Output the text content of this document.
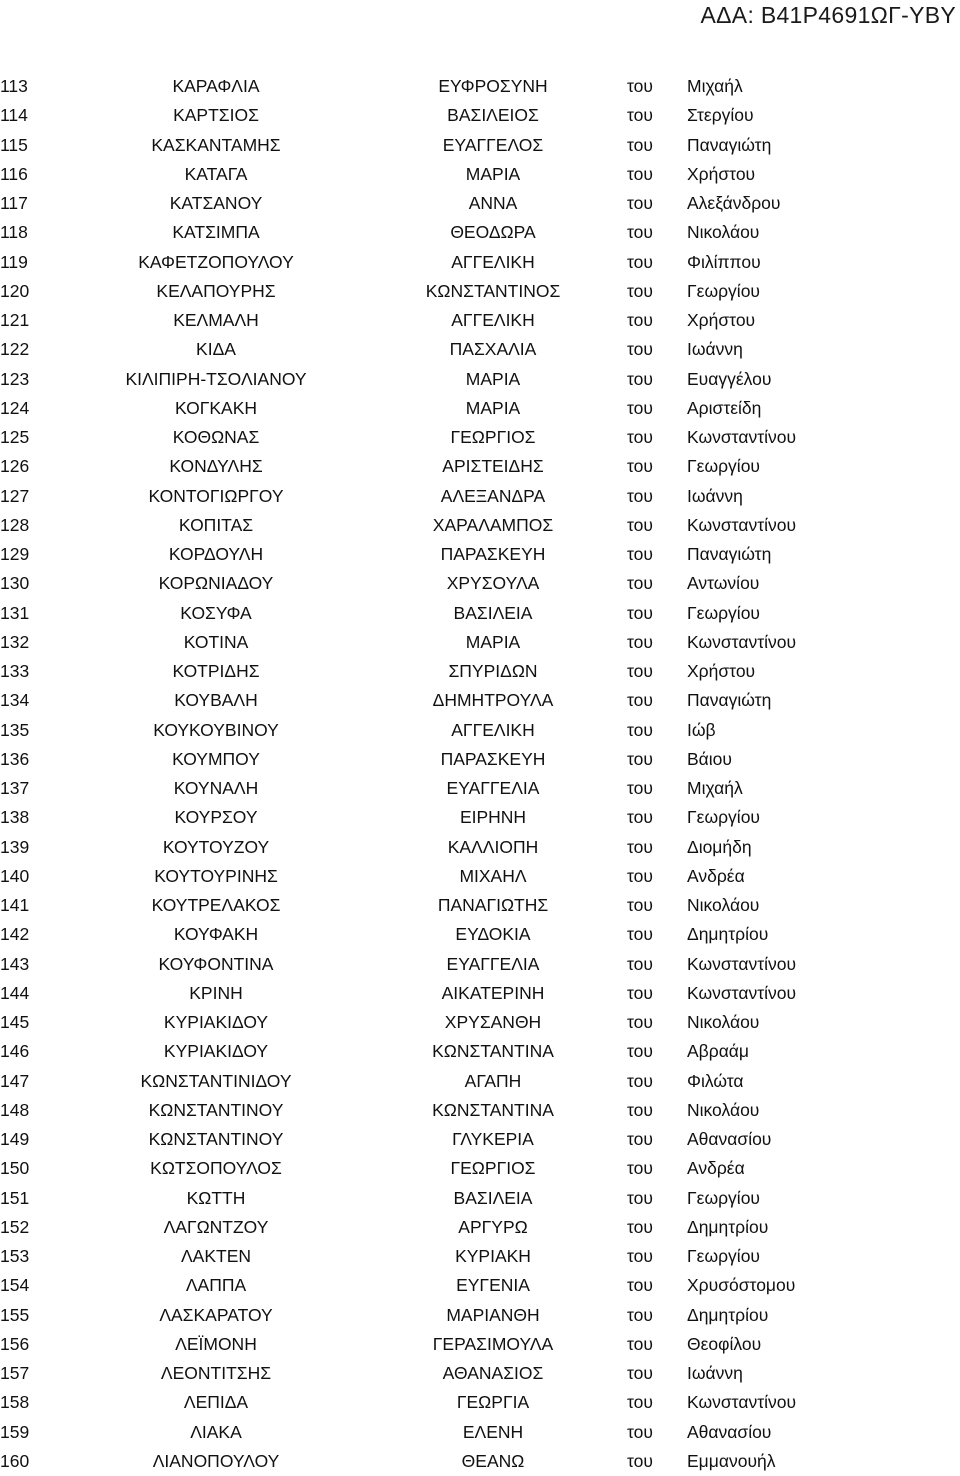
ΑΔΑ: Β41Ρ4691ΩΓ-ΥΒΥ
113	ΚΑΡΑΦΛΙΑ	ΕΥΦΡΟΣΥΝΗ	του Μιχαήλ
114	ΚΑΡΤΣΙΟΣ	ΒΑΣΙΛΕΙΟΣ	του Στεργίου
115	ΚΑΣΚΑΝΤΑΜΗΣ	ΕΥΑΓΓΕΛΟΣ	του Παναγιώτη
116	ΚΑΤΑΓΑ	ΜΑΡΙΑ	του Χρήστου
117	ΚΑΤΣΑΝΟΥ	ΑΝΝΑ	του Αλεξάνδρου
118	ΚΑΤΣΙΜΠΑ	ΘΕΟΔΩΡΑ	του Νικολάου
119	ΚΑΦΕΤΖΟΠΟΥΛΟΥ	ΑΓΓΕΛΙΚΗ	του Φιλίππου
120	ΚΕΛΑΠΟΥΡΗΣ	ΚΩΝΣΤΑΝΤΙΝΟΣ	του Γεωργίου
121	ΚΕΛΜΑΛΗ	ΑΓΓΕΛΙΚΗ	του Χρήστου
122	ΚΙΔΑ	ΠΑΣΧΑΛΙΑ	του Ιωάννη
123	ΚΙΛΙΠΙΡΗ-ΤΣΟΛΙΑΝΟΥ	ΜΑΡΙΑ	του Ευαγγέλου
124	ΚΟΓΚΑΚΗ	ΜΑΡΙΑ	του Αριστείδη
125	ΚΟΘΩΝΑΣ	ΓΕΩΡΓΙΟΣ	του Κωνσταντίνου
126	ΚΟΝΔΥΛΗΣ	ΑΡΙΣΤΕΙΔΗΣ	του Γεωργίου
127	ΚΟΝΤΟΓΙΩΡΓΟΥ	ΑΛΕΞΑΝΔΡΑ	του Ιωάννη
128	ΚΟΠΙΤΑΣ	ΧΑΡΑΛΑΜΠΟΣ	του Κωνσταντίνου
129	ΚΟΡΔΟΥΛΗ	ΠΑΡΑΣΚΕΥΗ	του Παναγιώτη
130	ΚΟΡΩΝΙΑΔΟΥ	ΧΡΥΣΟΥΛΑ	του Αντωνίου
131	ΚΟΣΥΦΑ	ΒΑΣΙΛΕΙΑ	του Γεωργίου
132	ΚΟΤΙΝΑ	ΜΑΡΙΑ	του Κωνσταντίνου
133	ΚΟΤΡΙΔΗΣ	ΣΠΥΡΙΔΩΝ	του Χρήστου
134	ΚΟΥΒΑΛΗ	ΔΗΜΗΤΡΟΥΛΑ	του Παναγιώτη
135	ΚΟΥΚΟΥΒΙΝΟΥ	ΑΓΓΕΛΙΚΗ	του Ιώβ
136	ΚΟΥΜΠΟΥ	ΠΑΡΑΣΚΕΥΗ	του Βάιου
137	ΚΟΥΝΑΛΗ	ΕΥΑΓΓΕΛΙΑ	του Μιχαήλ
138	ΚΟΥΡΣΟΥ	ΕΙΡΗΝΗ	του Γεωργίου
139	ΚΟΥΤΟΥΖΟΥ	ΚΑΛΛΙΟΠΗ	του Διομήδη
140	ΚΟΥΤΟΥΡΙΝΗΣ	ΜΙΧΑΗΛ	του Ανδρέα
141	ΚΟΥΤΡΕΛΑΚΟΣ	ΠΑΝΑΓΙΩΤΗΣ	του Νικολάου
142	ΚΟΥΦΑΚΗ	ΕΥΔΟΚΙΑ	του Δημητρίου
143	ΚΟΥΦΟΝΤΙΝΑ	ΕΥΑΓΓΕΛΙΑ	του Κωνσταντίνου
144	ΚΡΙΝΗ	ΑΙΚΑΤΕΡΙΝΗ	του Κωνσταντίνου
145	ΚΥΡΙΑΚΙΔΟΥ	ΧΡΥΣΑΝΘΗ	του Νικολάου
146	ΚΥΡΙΑΚΙΔΟΥ	ΚΩΝΣΤΑΝΤΙΝΑ	του Αβραάμ
147	ΚΩΝΣΤΑΝΤΙΝΙΔΟΥ	ΑΓΑΠΗ	του Φιλώτα
148	ΚΩΝΣΤΑΝΤΙΝΟΥ	ΚΩΝΣΤΑΝΤΙΝΑ	του Νικολάου
149	ΚΩΝΣΤΑΝΤΙΝΟΥ	ΓΛΥΚΕΡΙΑ	του Αθανασίου
150	ΚΩΤΣΟΠΟΥΛΟΣ	ΓΕΩΡΓΙΟΣ	του Ανδρέα
151	ΚΩΤΤΗ	ΒΑΣΙΛΕΙΑ	του Γεωργίου
152	ΛΑΓΩΝΤΖΟΥ	ΑΡΓΥΡΩ	του Δημητρίου
153	ΛΑΚΤΕΝ	ΚΥΡΙΑΚΗ	του Γεωργίου
154	ΛΑΠΠΑ	ΕΥΓΕΝΙΑ	του Χρυσόστομου
155	ΛΑΣΚΑΡΑΤΟΥ	ΜΑΡΙΑΝΘΗ	του Δημητρίου
156	ΛΕΪΜΟΝΗ	ΓΕΡΑΣΙΜΟΥΛΑ	του Θεοφίλου
157	ΛΕΟΝΤΙΤΣΗΣ	ΑΘΑΝΑΣΙΟΣ	του Ιωάννη
158	ΛΕΠΙΔΑ	ΓΕΩΡΓΙΑ	του Κωνσταντίνου
159	ΛΙΑΚΑ	ΕΛΕΝΗ	του Αθανασίου
160	ΛΙΑΝΟΠΟΥΛΟΥ	ΘΕΑΝΩ	του Εμμανουήλ
